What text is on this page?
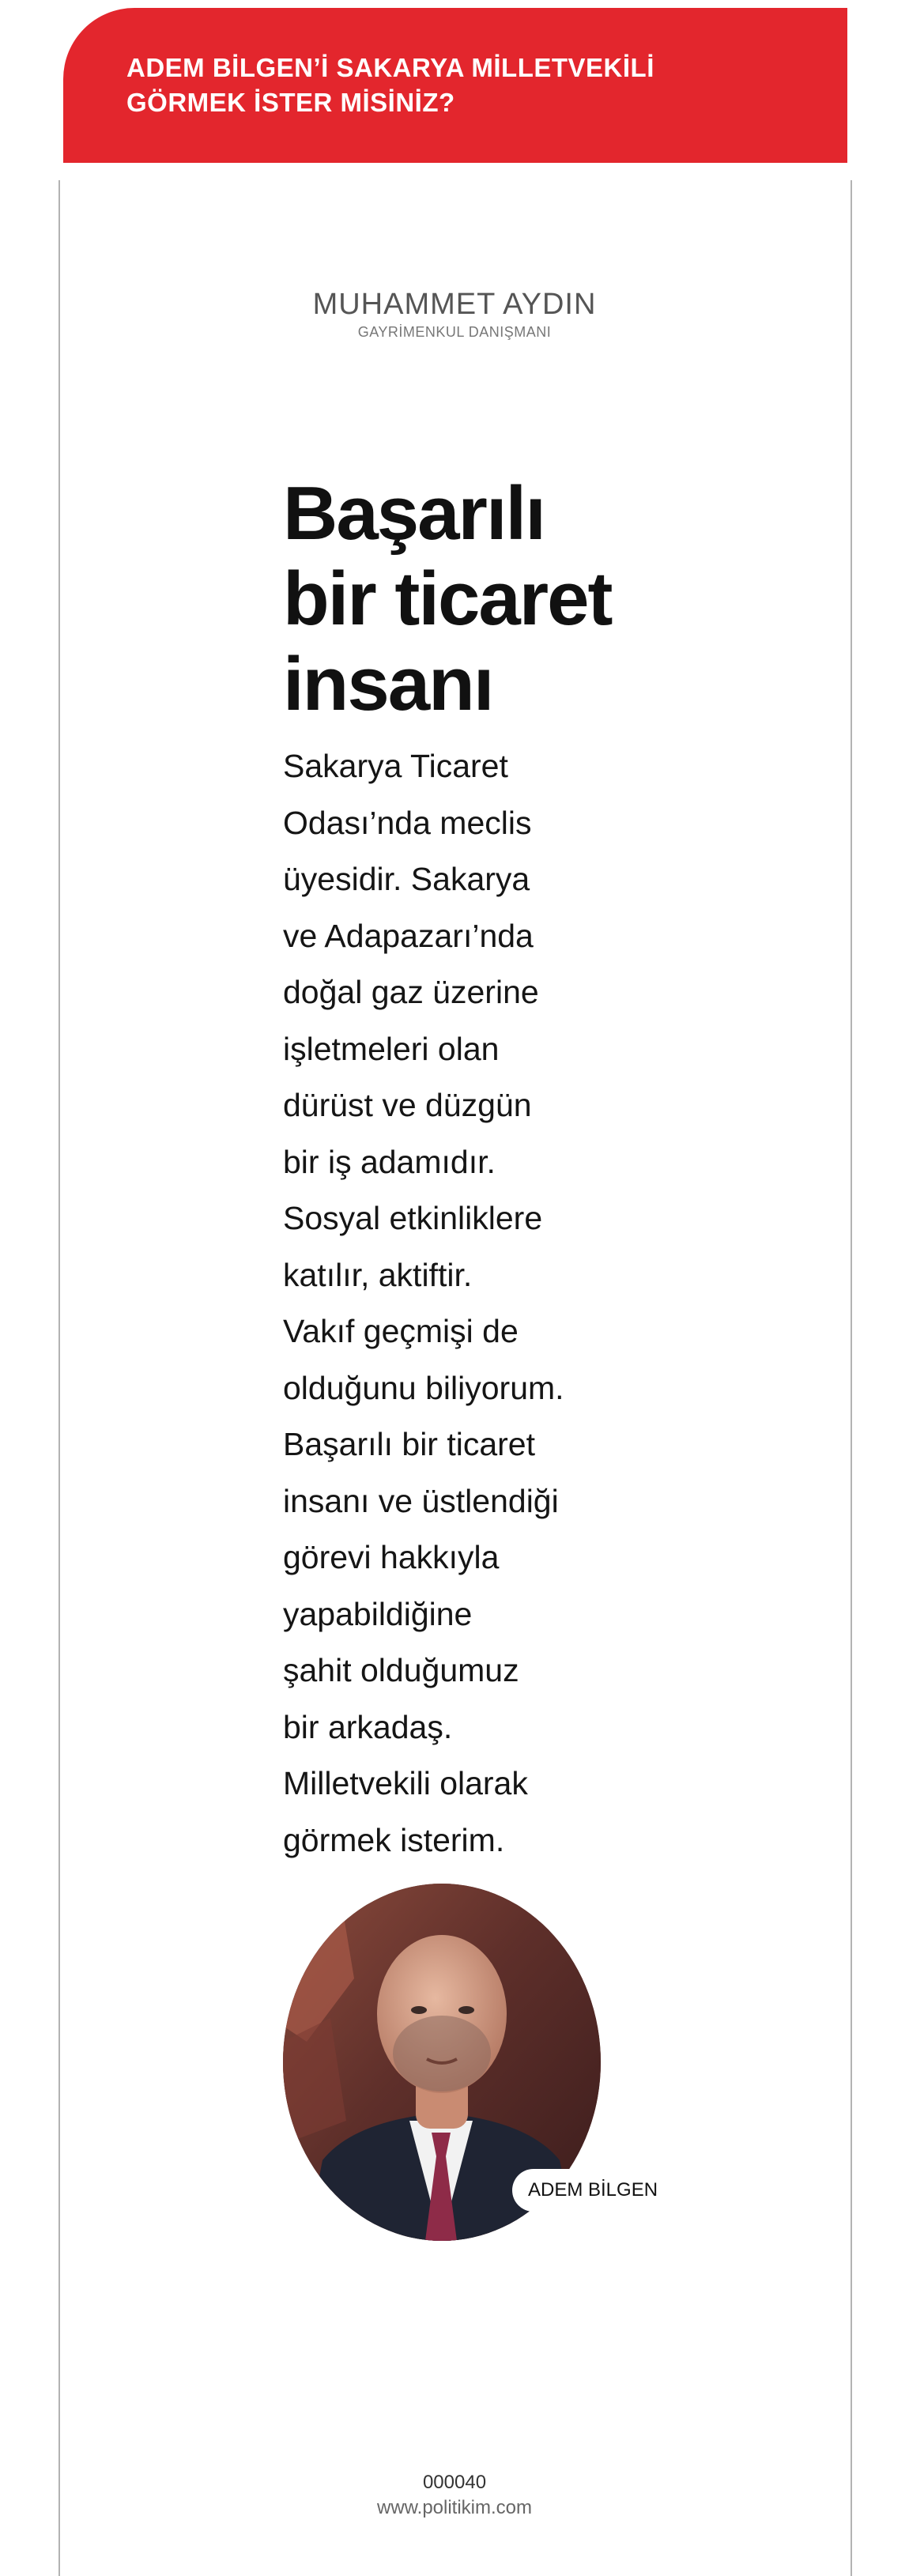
ADEM BİLGEN’İ SAKARYA MİLLETVEKİLİ
GÖRMEK İSTER MİSİNİZ?
MUHAMMET AYDIN
GAYRİMENKUL DANIŞMANI
Başarılı
bir ticaret
insanı
Sakarya Ticaret
Odası’nda meclis
üyesidir. Sakarya
ve Adapazarı’nda
doğal gaz üzerine
işletmeleri olan
dürüst ve düzgün
bir iş adamıdır.
Sosyal etkinliklere
katılır, aktiftir.
Vakıf geçmişi de
olduğunu biliyorum.
Başarılı bir ticaret
insanı ve üstlendiği
görevi hakkıyla
yapabildiğine
şahit olduğumuz
bir arkadaş.
Milletvekili olarak
görmek isterim.
ADEM BİLGEN
000040
www.politikim.com
